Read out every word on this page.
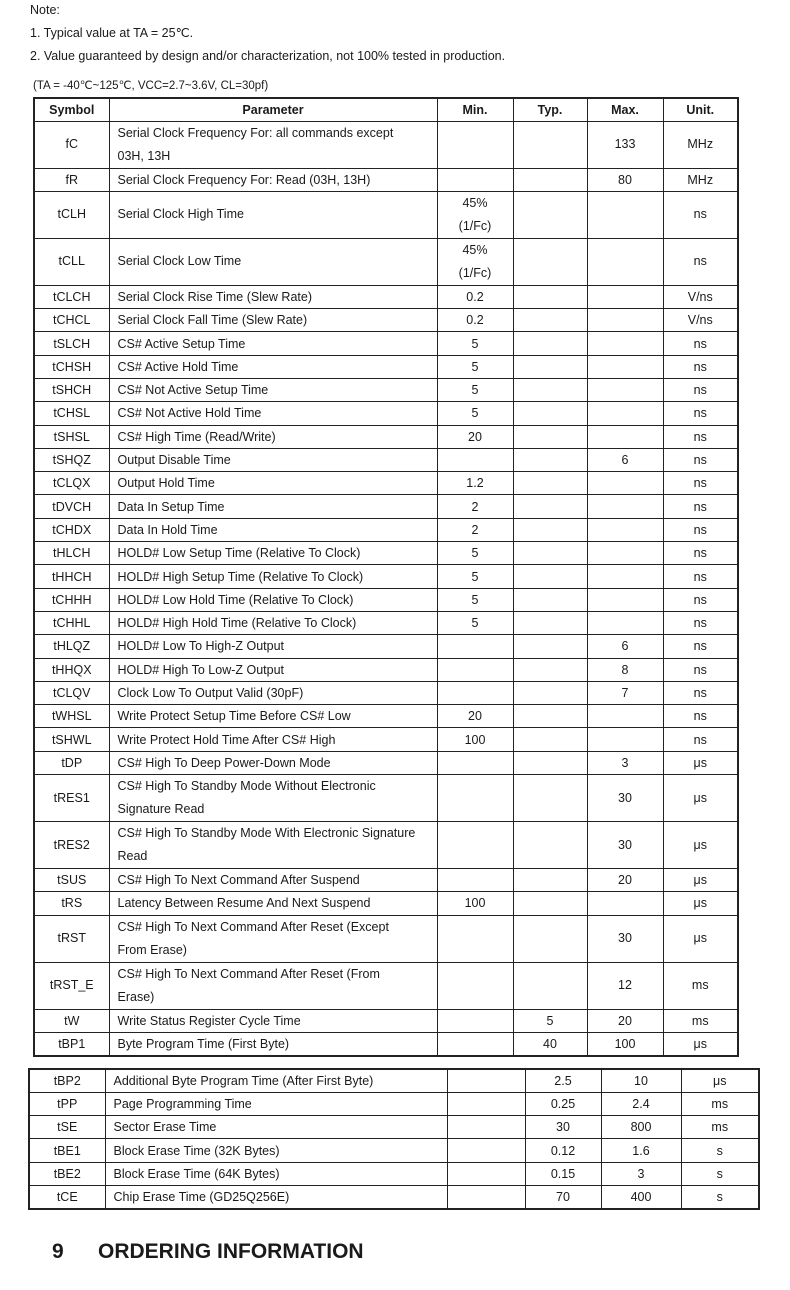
Note:
1. Typical value at TA = 25℃.
2. Value guaranteed by design and/or characterization, not 100% tested in production.
(TA = -40℃~125℃, VCC=2.7~3.6V, CL=30pf)
Symbol	Parameter	Min.	Typ.	Max.	Unit.

fC	Serial Clock Frequency For: all commands except
03H, 13H			133	MHz

fR	Serial Clock Frequency For: Read (03H, 13H)			80	MHz

tCLH	Serial Clock High Time	45%
(1/Fc)			ns

tCLL	Serial Clock Low Time	45%
(1/Fc)			ns

tCLCH	Serial Clock Rise Time (Slew Rate)	0.2			V/ns

tCHCL	Serial Clock Fall Time (Slew Rate)	0.2			V/ns

tSLCH	CS# Active Setup Time	5			ns

tCHSH	CS# Active Hold Time	5			ns

tSHCH	CS# Not Active Setup Time	5			ns

tCHSL	CS# Not Active Hold Time	5			ns

tSHSL	CS# High Time (Read/Write)	20			ns

tSHQZ	Output Disable Time			6	ns

tCLQX	Output Hold Time	1.2			ns

tDVCH	Data In Setup Time	2			ns

tCHDX	Data In Hold Time	2			ns

tHLCH	HOLD# Low Setup Time (Relative To Clock)	5			ns

tHHCH	HOLD# High Setup Time (Relative To Clock)	5			ns

tCHHH	HOLD# Low Hold Time (Relative To Clock)	5			ns

tCHHL	HOLD# High Hold Time (Relative To Clock)	5			ns

tHLQZ	HOLD# Low To High-Z Output			6	ns

tHHQX	HOLD# High To Low-Z Output			8	ns

tCLQV	Clock Low To Output Valid (30pF)			7	ns

tWHSL	Write Protect Setup Time Before CS# Low	20			ns

tSHWL	Write Protect Hold Time After CS# High	100			ns

tDP	CS# High To Deep Power-Down Mode			3	μs

tRES1	CS# High To Standby Mode Without Electronic
Signature Read			30	μs

tRES2	CS# High To Standby Mode With Electronic Signature
Read			30	μs

tSUS	CS# High To Next Command After Suspend			20	μs

tRS	Latency Between Resume And Next Suspend	100			μs

tRST	CS# High To Next Command After Reset (Except
From Erase)			30	μs

tRST_E	CS# High To Next Command After Reset (From
Erase)			12	ms

tW	Write Status Register Cycle Time		5	20	ms

tBP1	Byte Program Time (First Byte)		40	100	μs
tBP2	Additional Byte Program Time (After First Byte)		2.5	10	μs

tPP	Page Programming Time		0.25	2.4	ms

tSE	Sector Erase Time		30	800	ms

tBE1	Block Erase Time (32K Bytes)		0.12	1.6	s

tBE2	Block Erase Time (64K Bytes)		0.15	3	s

tCE	Chip Erase Time (GD25Q256E)		70	400	s
9 ORDERING INFORMATION
